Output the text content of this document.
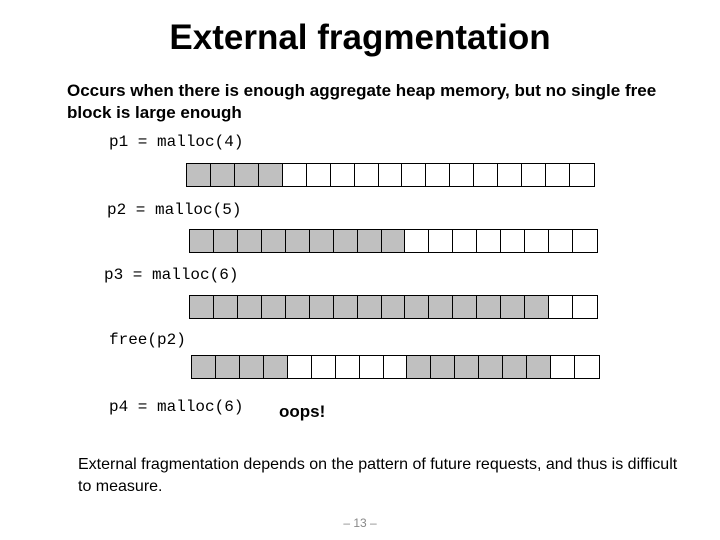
External fragmentation
Occurs when there is enough aggregate heap memory, but no single free block is large enough
p1 = malloc(4)
p2 = malloc(5)
p3 = malloc(6)
free(p2)
p4 = malloc(6) oops!
External fragmentation depends on the pattern of future requests, and thus is difficult to measure.
– 13 –
